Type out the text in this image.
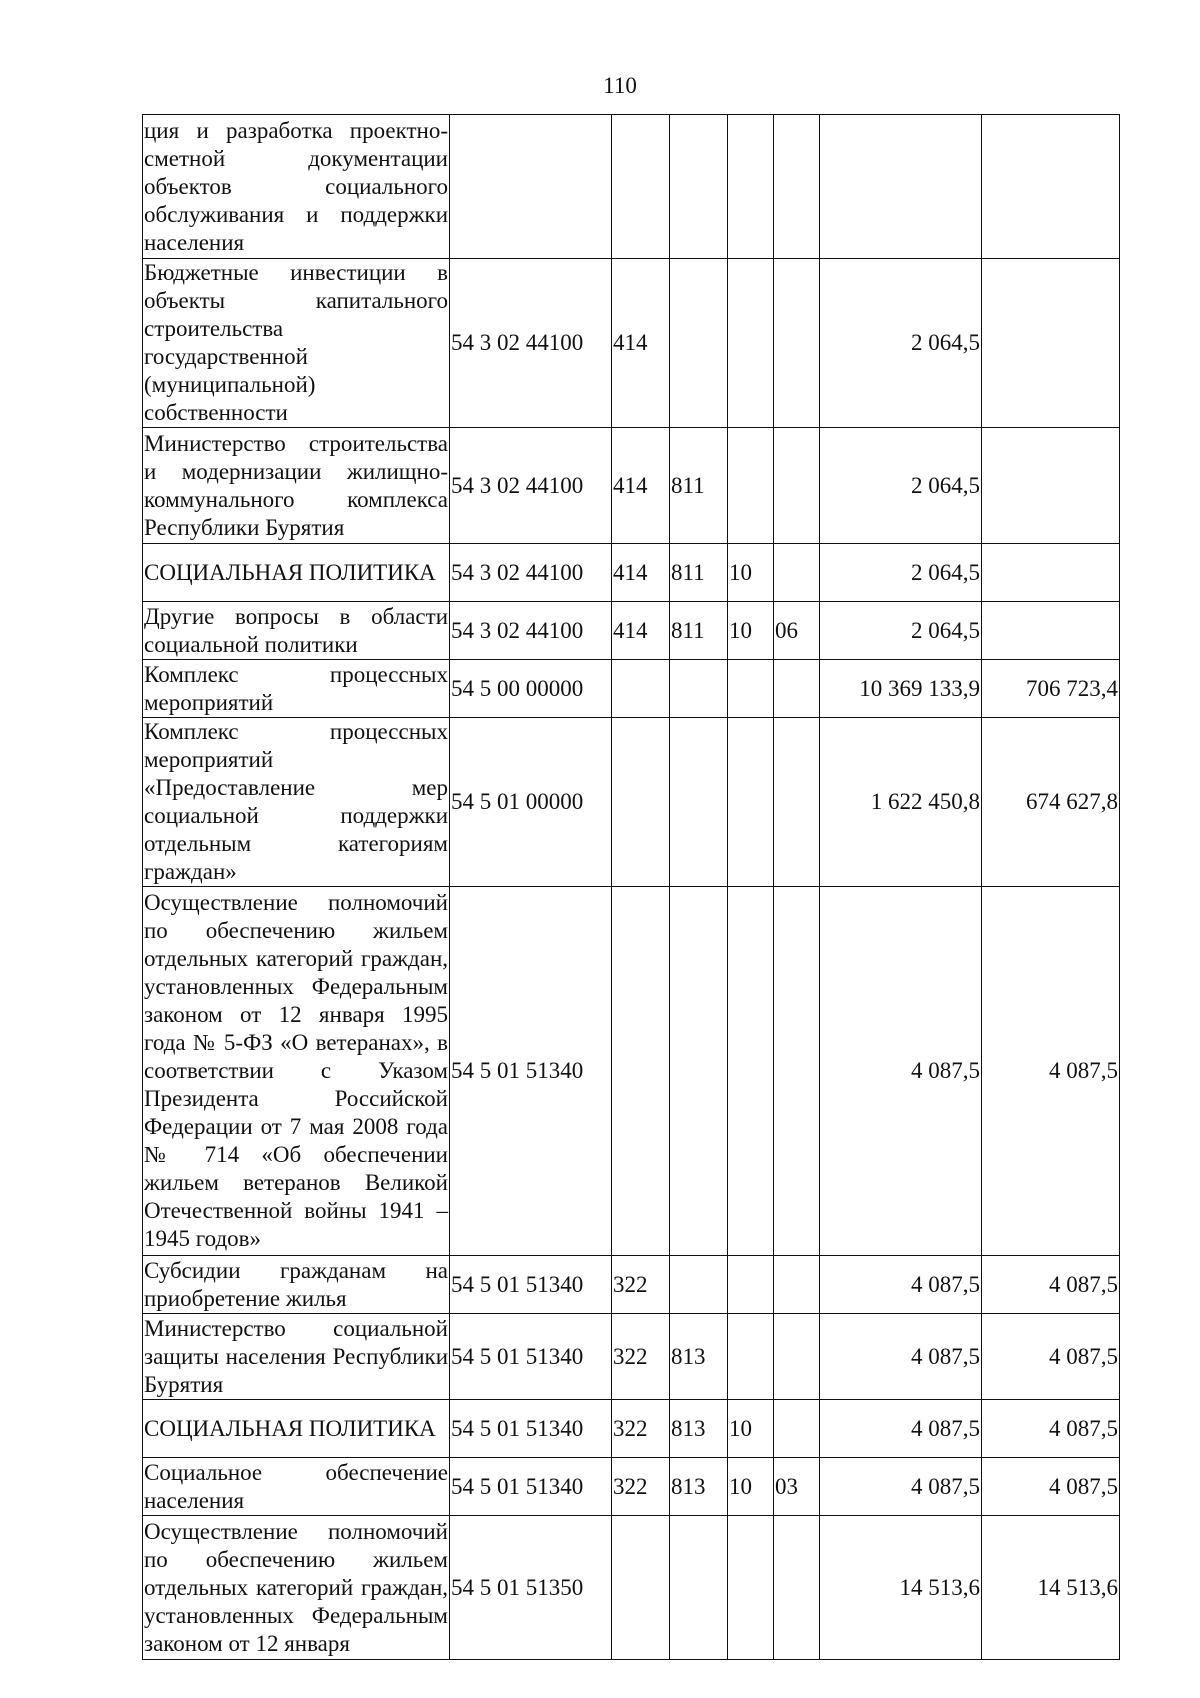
110
ция и разработка проектно-сметной документации объектов социального обслуживания и поддержки населения							
Бюджетные инвестиции в объекты капитального строительства государственной (муниципальной) собственности	54 3 02 44100	414				2 064,5	
Министерство строительства и модернизации жилищно-коммунального комплекса Республики Бурятия	54 3 02 44100	414	811			2 064,5	
СОЦИАЛЬНАЯ ПОЛИТИКА	54 3 02 44100	414	811	10		2 064,5	
Другие вопросы в области социальной политики	54 3 02 44100	414	811	10	06	2 064,5	
Комплекс процессных мероприятий	54 5 00 00000					10 369 133,9	706 723,4
Комплекс процессных мероприятий «Предоставление мер социальной поддержки отдельным категориям граждан»	54 5 01 00000					1 622 450,8	674 627,8
Осуществление полномочий по обеспечению жильем отдельных категорий граждан, установленных Федеральным законом от 12 января 1995 года № 5-ФЗ «О ветеранах», в соответствии с Указом Президента Российской Федерации от 7 мая 2008 года № 714 «Об обеспечении жильем ветеранов Великой Отечественной войны 1941 – 1945 годов»	54 5 01 51340					4 087,5	4 087,5
Субсидии гражданам на приобретение жилья	54 5 01 51340	322				4 087,5	4 087,5
Министерство социальной защиты населения Республики Бурятия	54 5 01 51340	322	813			4 087,5	4 087,5
СОЦИАЛЬНАЯ ПОЛИТИКА	54 5 01 51340	322	813	10		4 087,5	4 087,5
Социальное обеспечение населения	54 5 01 51340	322	813	10	03	4 087,5	4 087,5
Осуществление полномочий по обеспечению жильем отдельных категорий граждан, установленных Федеральным законом от 12 января	54 5 01 51350					14 513,6	14 513,6
